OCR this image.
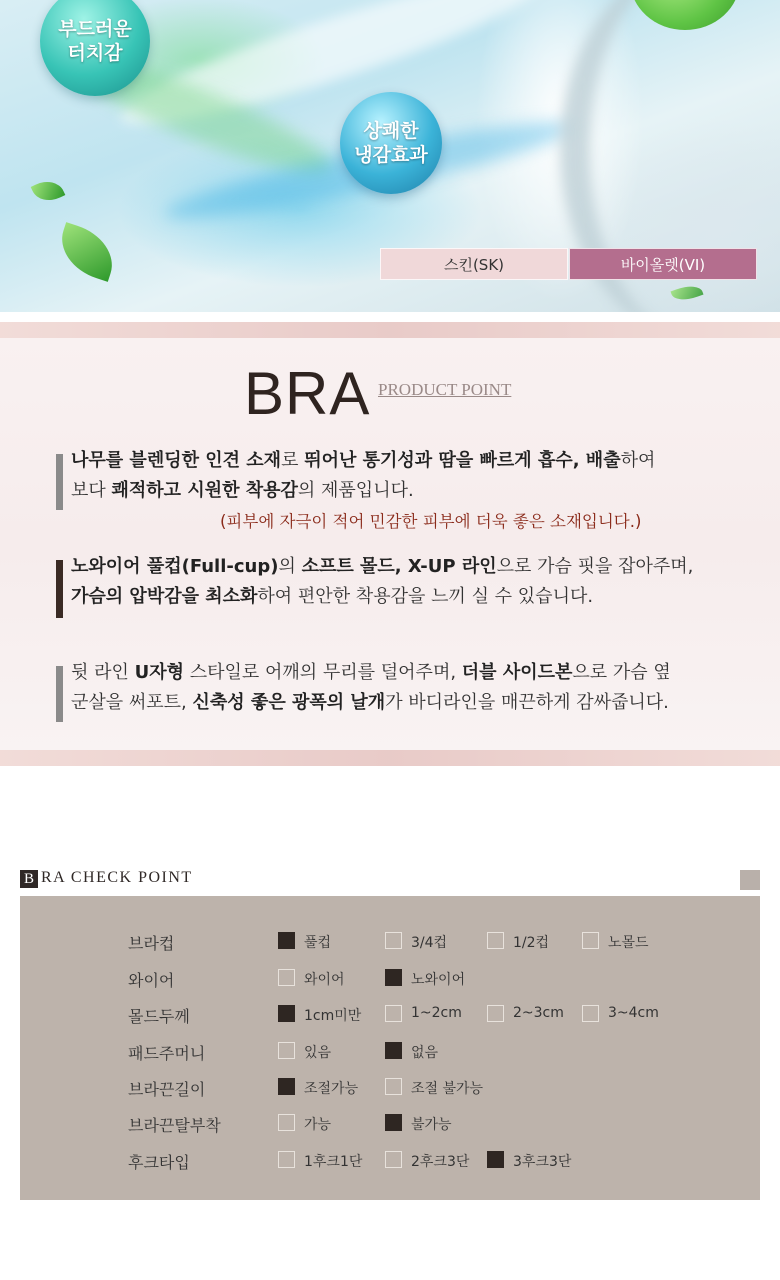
부드러운
터치감
상쾌한
냉감효과
스킨(SK)	바이올렛(VI)
BRA PRODUCT POINT
나무를 블렌딩한 인견 소재로 뛰어난 통기성과 땀을 빠르게 흡수, 배출하여
보다 쾌적하고 시원한 착용감의 제품입니다.
(피부에 자극이 적어 민감한 피부에 더욱 좋은 소재입니다.)
노와이어 풀컵(Full-cup)의 소프트 몰드, X-UP 라인으로 가슴 핏을 잡아주며,
가슴의 압박감을 최소화하여 편안한 착용감을 느끼 실 수 있습니다.
뒷 라인 U자형 스타일로 어깨의 무리를 덜어주며, 더블 사이드본으로 가슴 옆
군살을 써포트, 신축성 좋은 광폭의 날개가 바디라인을 매끈하게 감싸줍니다.
B RA CHECK POINT
브라컵	풀컵	3/4컵	1/2컵	노몰드
와이어	와이어	노와이어
몰드두께	1cm미만	1~2cm	2~3cm	3~4cm
패드주머니	있음	없음
브라끈길이	조절가능	조절 불가능
브라끈탈부착	가능	불가능
후크타입	1후크1단	2후크3단	3후크3단
